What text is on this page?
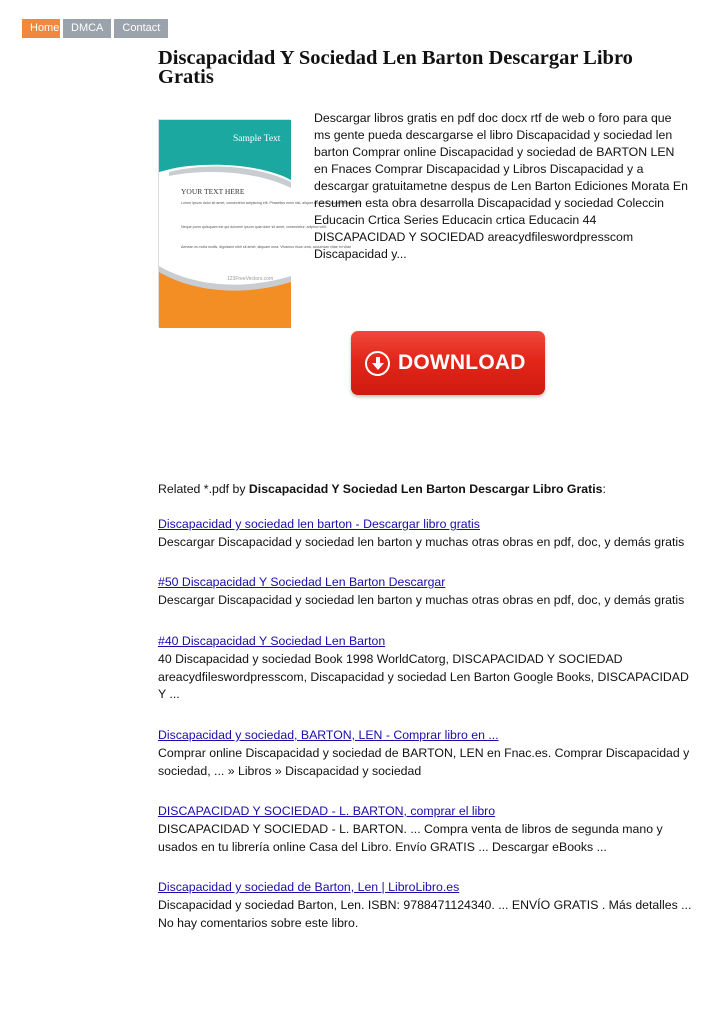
Home	DMCA	Contact
Discapacidad Y Sociedad Len Barton Descargar Libro Gratis
Sample Text
YOUR TEXT HERE
Lorem ipsum dolor sit amet, consectetur adipiscing elit. Phasellus enim nisl, aliquet eu nisi id, aliquam elementum
Neque porro quisquam est qui dolorem ipsum quia dolor sit amet, consectetur, adipisci velit.
Aenean eu nulla mollis, dignissim nibh sit amet, aliquam urna. Vivamus risus urna, accumsan vitae mi vitae
123FreeVectors.com

Descargar libros gratis en pdf doc docx rtf de web o foro para que ms gente pueda descargarse el libro Discapacidad y sociedad len barton Comprar online Discapacidad y sociedad de BARTON LEN en Fnaces Comprar Discapacidad y Libros Discapacidad y a descargar gratuitametne despus de Len Barton Ediciones Morata En resumen esta obra desarrolla Discapacidad y sociedad Coleccin Educacin Crtica Series Educacin crtica Educacin 44 DISCAPACIDAD Y SOCIEDAD areacydfileswordpresscom Discapacidad y...

DOWNLOAD

Related *.pdf by Discapacidad Y Sociedad Len Barton Descargar Libro Gratis:

Discapacidad y sociedad len barton - Descargar libro gratis

Descargar Discapacidad y sociedad len barton y muchas otras obras en pdf, doc, y demás gratis

#50 Discapacidad Y Sociedad Len Barton Descargar

Descargar Discapacidad y sociedad len barton y muchas otras obras en pdf, doc, y demás gratis

#40 Discapacidad Y Sociedad Len Barton

40 Discapacidad y sociedad Book 1998 WorldCatorg, DISCAPACIDAD Y SOCIEDAD areacydfileswordpresscom, Discapacidad y sociedad Len Barton Google Books, DISCAPACIDAD Y ...

Discapacidad y sociedad, BARTON, LEN - Comprar libro en ...

Comprar online Discapacidad y sociedad de BARTON, LEN en Fnac.es. Comprar Discapacidad y sociedad, ... » Libros » Discapacidad y sociedad

DISCAPACIDAD Y SOCIEDAD - L. BARTON, comprar el libro

DISCAPACIDAD Y SOCIEDAD - L. BARTON. ... Compra venta de libros de segunda mano y usados en tu librería online Casa del Libro. Envío GRATIS ... Descargar eBooks ...

Discapacidad y sociedad de Barton, Len | LibroLibro.es

Discapacidad y sociedad Barton, Len. ISBN: 9788471124340. ... ENVÍO GRATIS . Más detalles ... No hay comentarios sobre este libro.
